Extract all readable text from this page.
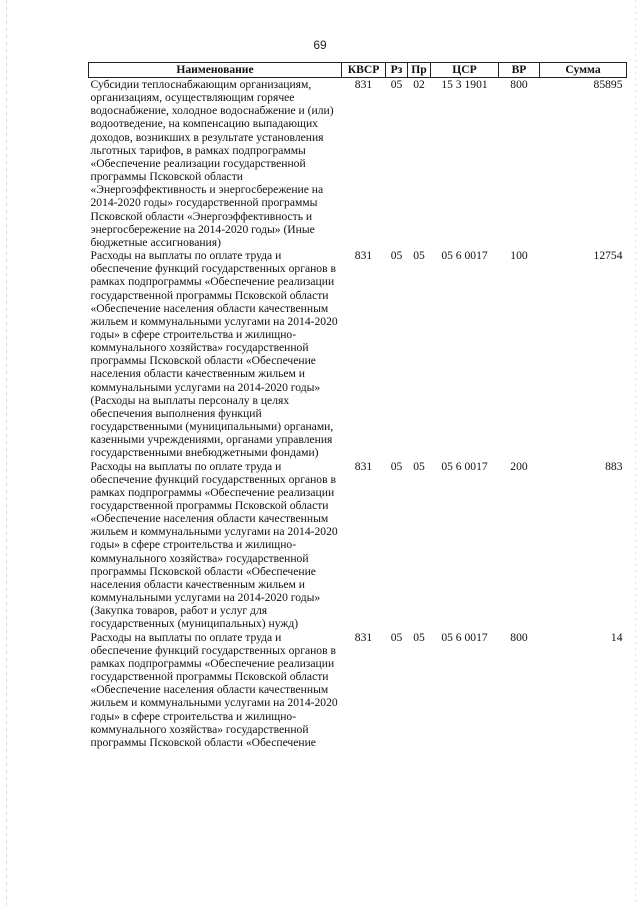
69
Наименование	КВСР	Рз	Пр	ЦСР	ВР	Сумма
Субсидии теплоснабжающим организациям, организациям, осуществляющим горячее водоснабжение, холодное водоснабжение и (или) водоотведение, на компенсацию выпадающих доходов, возникших в результате установления льготных тарифов, в рамках подпрограммы «Обеспечение реализации государственной программы Псковской области «Энергоэффективность и энергосбережение на 2014-2020 годы» государственной программы Псковской области «Энергоэффективность и энергосбережение на 2014-2020 годы» (Иные бюджетные ассигнования)	831	05	02	15 3 1901	800	85895
Расходы на выплаты по оплате труда и обеспечение функций государственных органов в рамках подпрограммы «Обеспечение реализации государственной программы Псковской области «Обеспечение населения области качественным жильем и коммунальными услугами на 2014-2020 годы» в сфере строительства и жилищно-коммунального хозяйства» государственной программы Псковской области «Обеспечение населения области качественным жильем и коммунальными услугами на 2014-2020 годы» (Расходы на выплаты персоналу в целях обеспечения выполнения функций государственными (муниципальными) органами, казенными учреждениями, органами управления государственными внебюджетными фондами)	831	05	05	05 6 0017	100	12754
Расходы на выплаты по оплате труда и обеспечение функций государственных органов в рамках подпрограммы «Обеспечение реализации государственной программы Псковской области «Обеспечение населения области качественным жильем и коммунальными услугами на 2014-2020 годы» в сфере строительства и жилищно-коммунального хозяйства» государственной программы Псковской области «Обеспечение населения области качественным жильем и коммунальными услугами на 2014-2020 годы» (Закупка товаров, работ и услуг для государственных (муниципальных) нужд)	831	05	05	05 6 0017	200	883
Расходы на выплаты по оплате труда и обеспечение функций государственных органов в рамках подпрограммы «Обеспечение реализации государственной программы Псковской области «Обеспечение населения области качественным жильем и коммунальными услугами на 2014-2020 годы» в сфере строительства и жилищно-коммунального хозяйства» государственной программы Псковской области «Обеспечение	831	05	05	05 6 0017	800	14
